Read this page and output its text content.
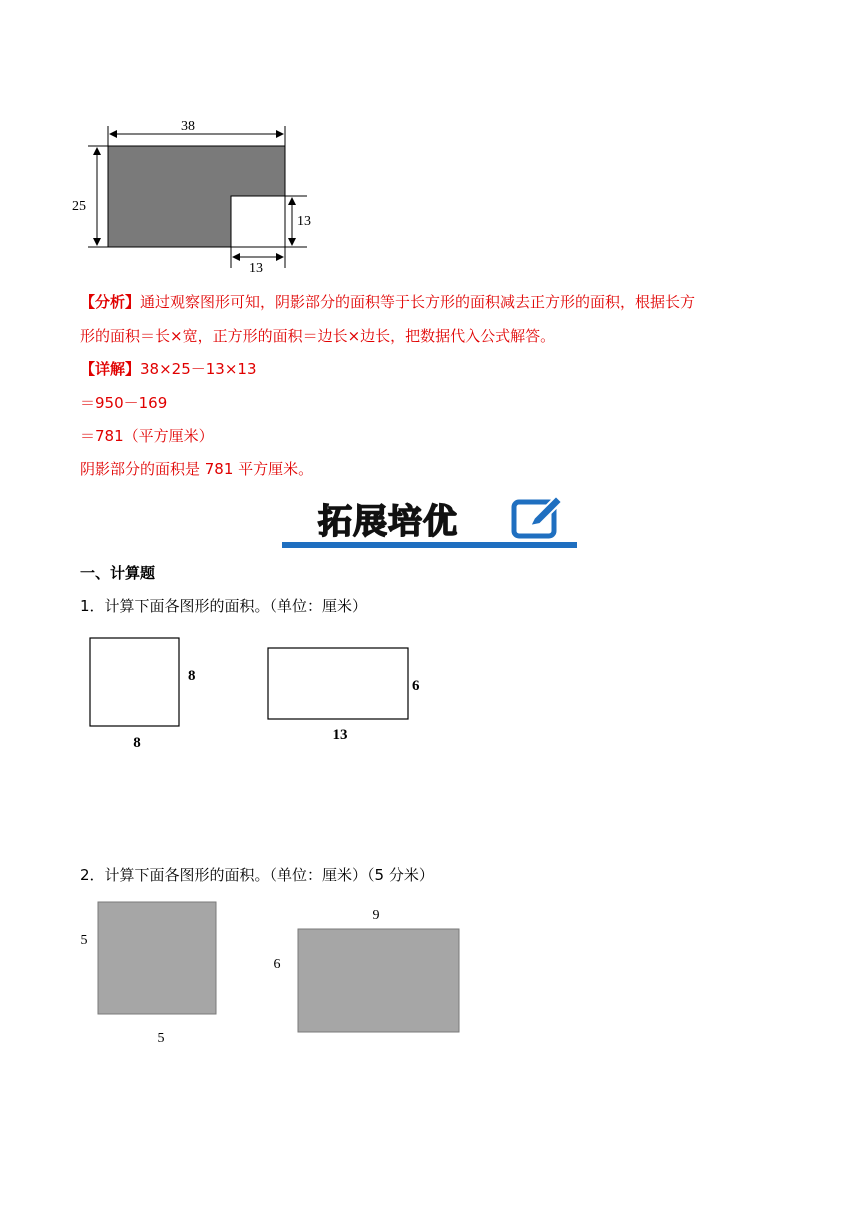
38
25
13
13
【分析】通过观察图形可知，阴影部分的面积等于长方形的面积减去正方形的面积，根据长方
形的面积＝长×宽，正方形的面积＝边长×边长，把数据代入公式解答。
【详解】38×25－13×13
＝950－169
＝781（平方厘米）
阴影部分的面积是 781 平方厘米。
拓展培优
一、计算题
1．计算下面各图形的面积。（单位：厘米）
8
8
6
13
2．计算下面各图形的面积。（单位：厘米）（5 分米）
5
5
9
6
